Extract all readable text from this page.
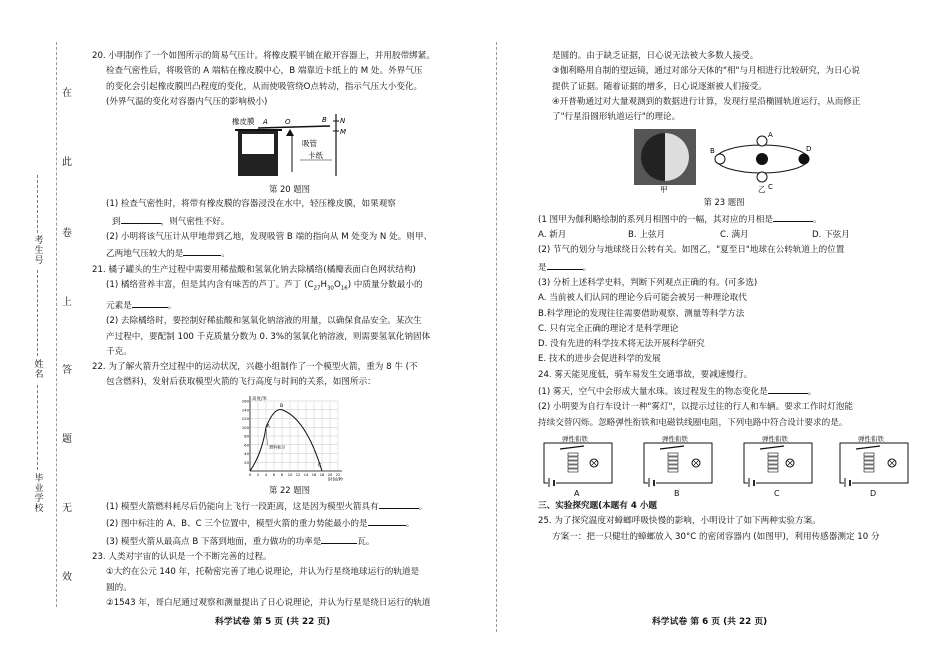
在
此
卷
上
答
题
无
效
考生号
姓名
毕业学校

20. 小明制作了一个如图所示的简易气压计。将橡皮膜平铺在敞开容器上，并用胶带绑紧。

检查气密性后，将吸管的 A 端粘在橡皮膜中心，B 端靠近卡纸上的 M 处。外界气压

的变化会引起橡皮膜凹凸程度的变化，从而使吸管绕O点转动，指示气压大小变化。

(外界气温的变化对容器内气压的影响极小)

橡皮膜 A O	B N
M
吸管
卡纸

第 20 题图

(1) 检查气密性时，将带有橡皮膜的容器浸没在水中，轻压橡皮膜，如果观察

到	，则气密性不好。

(2) 小明将该气压计从甲地带到乙地，发现吸管 B 端的指向从 M 处变为 N 处。则甲、

乙两地气压较大的是	。

21. 橘子罐头的生产过程中需要用稀盐酸和氢氧化钠去除橘络(橘瓣表面白色网状结构)

(1) 橘络营养丰富，但是其内含有味苦的芦丁。芦丁 $(C_{27}H_{30}O_{16})$ 中质量分数最小的

元素是	。

(2) 去除橘络时，要控制好稀盐酸和氢氧化钠溶液的用量，以确保食品安全。某次生

产过程中，要配制 100 千克质量分数为 0. 3%的氢氧化钠溶液，则需要氢氧化钠固体

千克。

22. 为了解火箭升空过程中的运动状况，兴趣小组制作了一个模型火箭，重为 8 牛 (不

包含燃料)，发射后获取模型火箭的飞行高度与时间的关系，如图所示：

160
140
120
100
80
60
40
20
0 2 4 6 8 10 12 14 16 18 20 22
高度/米
时间/秒
A
B
C
燃料耗尽

第 22 题图

(1) 模型火箭燃料耗尽后仍能向上飞行一段距离，这是因为模型火箭具有	。

(2) 图中标注的 A、B、C 三个位置中，模型火箭的重力势能最小的是	。

(3) 模型火箭从最高点 B 下落到地面，重力做功的功率是	瓦。

23. 人类对宇宙的认识是一个不断完善的过程。

①大约在公元 140 年，托勒密完善了地心说理论，并认为行星绕地球运行的轨道是

圆的。

②1543 年，哥白尼通过观察和测量提出了日心说理论，并认为行星是绕日运行的轨道

科学试卷 第 5 页 (共 22 页)

是圆的。由于缺乏证据，日心说无法被大多数人接受。

③伽利略用自制的望远镜，通过对部分天体的"相"与月相进行比较研究，为日心说

提供了证据。随着证据的增多，日心说逐渐被人们接受。

④开普勒通过对大量观测到的数据进行计算，发现行星沿椭圆轨道运行，从而修正

了"行星沿圆形轨道运行"的理论。

A
B
C
D
甲	乙

第 23 题图

(1 图甲为伽利略绘制的系列月相图中的一幅，其对应的月相是	。

A. 新月	B. 上弦月	C. 满月	D. 下弦月

(2) 节气的划分与地球绕日公转有关。如图乙，"夏至日"地球在公转轨道上的位置

是	。

(3) 分析上述科学史料，判断下列观点正确的有。(可多选)

A. 当前被人们认同的理论今后可能会被另一种理论取代

B.科学理论的发现往往需要借助观察、测量等科学方法

C. 只有完全正确的理论才是科学理论

D. 没有先进的科学技术将无法开展科学研究

E. 技术的进步会促进科学的发展

24. 雾天能见度低，骑车易发生交通事故，要减速慢行。

(1) 雾天，空气中会形成大量水珠。该过程发生的物态变化是	。

(2) 小明要为自行车设计一种"雾灯"，以提示过往的行人和车辆。要求工作时灯泡能

持续交替闪烁。忽略弹性衔铁和电磁铁线圈电阻，下列电路中符合设计要求的是。

弹性衔铁	弹性衔铁	弹性衔铁	弹性衔铁
A	B	C	D

三、实验探究题(本题有 4 小题

25. 为了探究温度对蟑螂呼吸快慢的影响，小明设计了如下两种实验方案。

方案一：把一只健壮的蟑螂放入 30°C 的密闭容器内 (如图甲)，利用传感器测定 10 分

科学试卷 第 6 页 (共 22 页)
